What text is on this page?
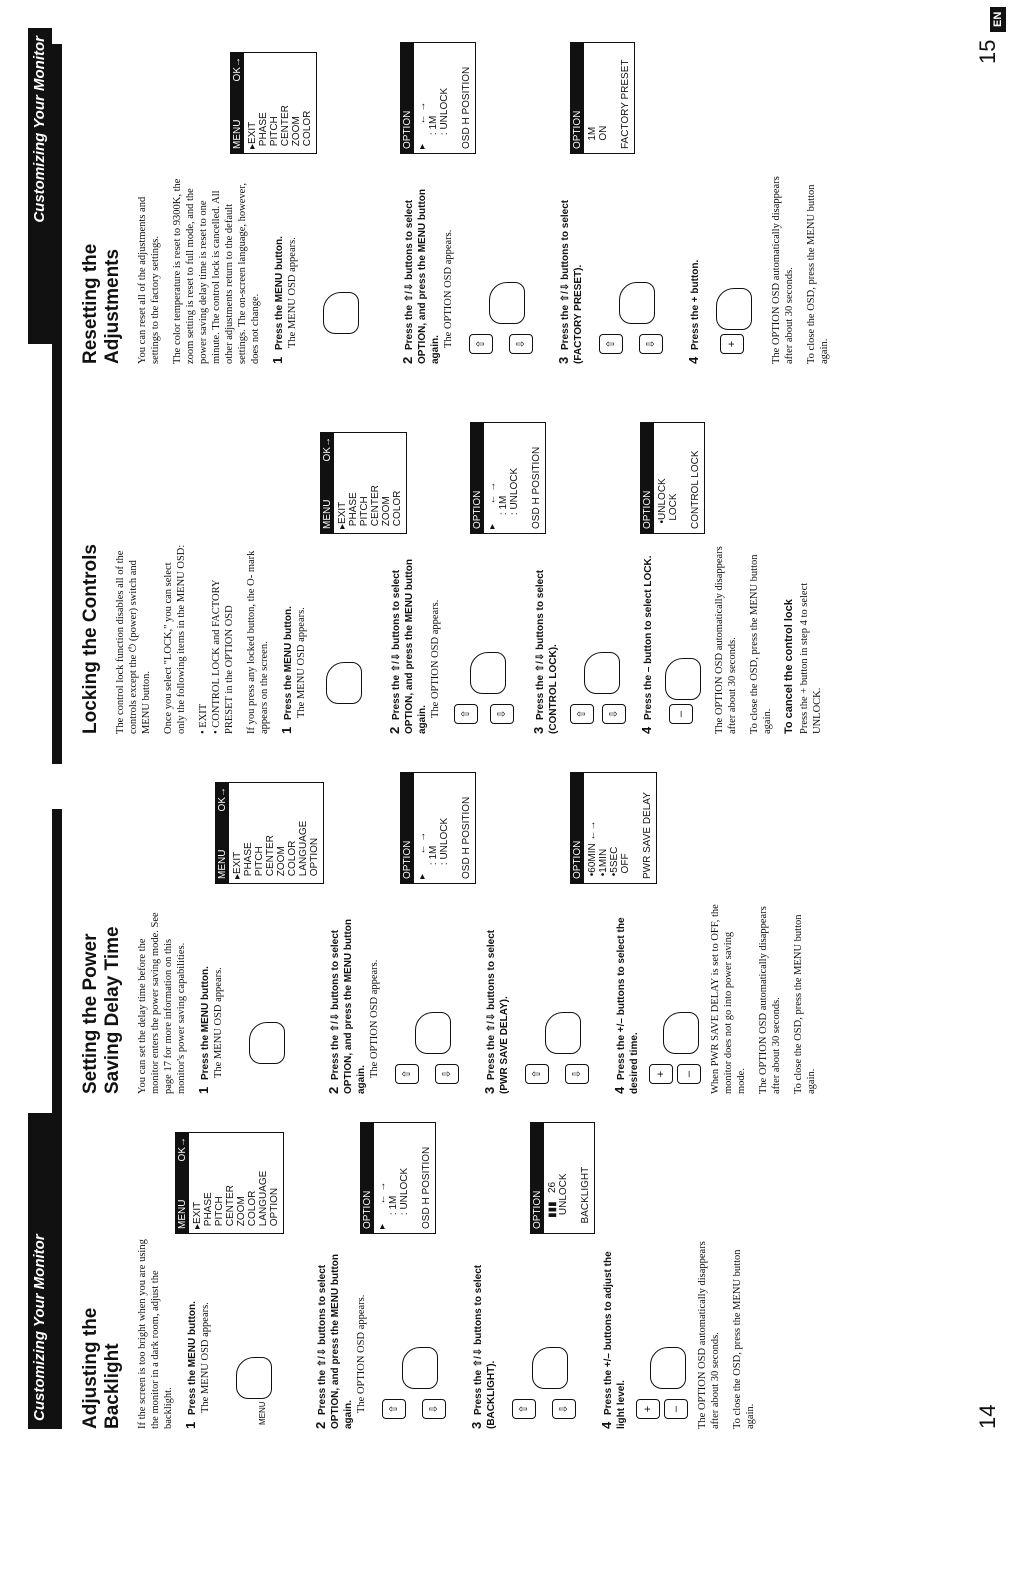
Customizing Your Monitor
Customizing Your Monitor
EN
Adjusting the Backlight If the screen is too bright when you are using the monitor in a dark room, adjust the backlight. 1Press the MENU button. The MENU OSD appears.
MENU
2Press the ⇧/⇩ buttons to select OPTION, and press the MENU button again.
The OPTION OSD appears.	⇧	⇩
3Press the ⇧/⇩ buttons to select (BACKLIGHT).	⇧	⇩
4Press the +/– buttons to adjust the light level.	+	–	The OPTION OSD automatically disappears after about 30 seconds. To close the OSD, press the MENU button again.

MENU
OK→
▸EXIT
PHASE
PITCH
CENTER
ZOOM
COLOR
LANGUAGE
OPTION	OPTION ▸       ← →
: 1M
: UNLOCK

OSD H POSITION
OPTION ▮▮▮   26
UNLOCK

BACKLIGHT
Setting the Power Saving Delay Time You can set the delay time before the monitor enters the power saving mode. See page 17 for more information on this monitor's power saving capabilities. 1Press the MENU button. The MENU OSD appears.
2Press the ⇧/⇩ buttons to select OPTION, and press the MENU button again.
The OPTION OSD appears.	⇧	⇩
3Press the ⇧/⇩ buttons to select (PWR SAVE DELAY).	⇧	⇩
4Press the +/– buttons to select the desired time.	+	–	When PWR SAVE DELAY is set to OFF, the monitor does not go into power saving mode. The OPTION OSD automatically disappears after about 30 seconds. To close the OSD, press the MENU button again.

MENU
OK→
▸EXIT
PHASE
PITCH
CENTER
ZOOM
COLOR
LANGUAGE
OPTION	OPTION ▸       ← →
: 1M
: UNLOCK

OSD H POSITION
OPTION •60MIN ←→
•1MIN
•5SEC
OFF

PWR SAVE DELAY
Locking the Controls The control lock function disables all of the controls except the ⏻ (power) switch and MENU button. Once you select "LOCK," you can select only the following items in the MENU OSD: • EXIT • CONTROL LOCK and FACTORY PRESET in the OPTION OSD If you press any locked button, the O‑ mark appears on the screen. 1Press the MENU button. The MENU OSD appears.
2Press the ⇧/⇩ buttons to select OPTION, and press the MENU button again.
The OPTION OSD appears.	⇧	⇩
3Press the ⇧/⇩ buttons to select (CONTROL LOCK).	⇧	⇩
4Press the – button to select LOCK.	–	The OPTION OSD automatically disappears after about 30 seconds. To close the OSD, press the MENU button again. To cancel the control lock Press the + button in step 4 to select UNLOCK.
MENU
OK→
▸EXIT
PHASE
PITCH
CENTER
ZOOM
COLOR	OPTION ▸       ← →
: 1M
: UNLOCK

OSD H POSITION
OPTION •UNLOCK
LOCK

CONTROL LOCK
Resetting the Adjustments You can reset all of the adjustments and settings to the factory settings. The color temperature is reset to 9300K, the zoom setting is reset to full mode, and the power saving delay time is reset to one minute. The control lock is cancelled. All other adjustments return to the default settings. The on-screen language, however, does not change. 1Press the MENU button. The MENU OSD appears.
2Press the ⇧/⇩ buttons to select OPTION, and press the MENU button again.
The OPTION OSD appears.	⇧	⇩
3Press the ⇧/⇩ buttons to select (FACTORY PRESET).	⇧	⇩
4Press the + button.	+	The OPTION OSD automatically disappears after about 30 seconds. To close the OSD, press the MENU button again.

MENU
OK→
▸EXIT
PHASE
PITCH
CENTER
ZOOM
COLOR	OPTION ▸       ← →
: 1M
: UNLOCK

OSD H POSITION
OPTION 1M
ON

FACTORY PRESET
14
15
